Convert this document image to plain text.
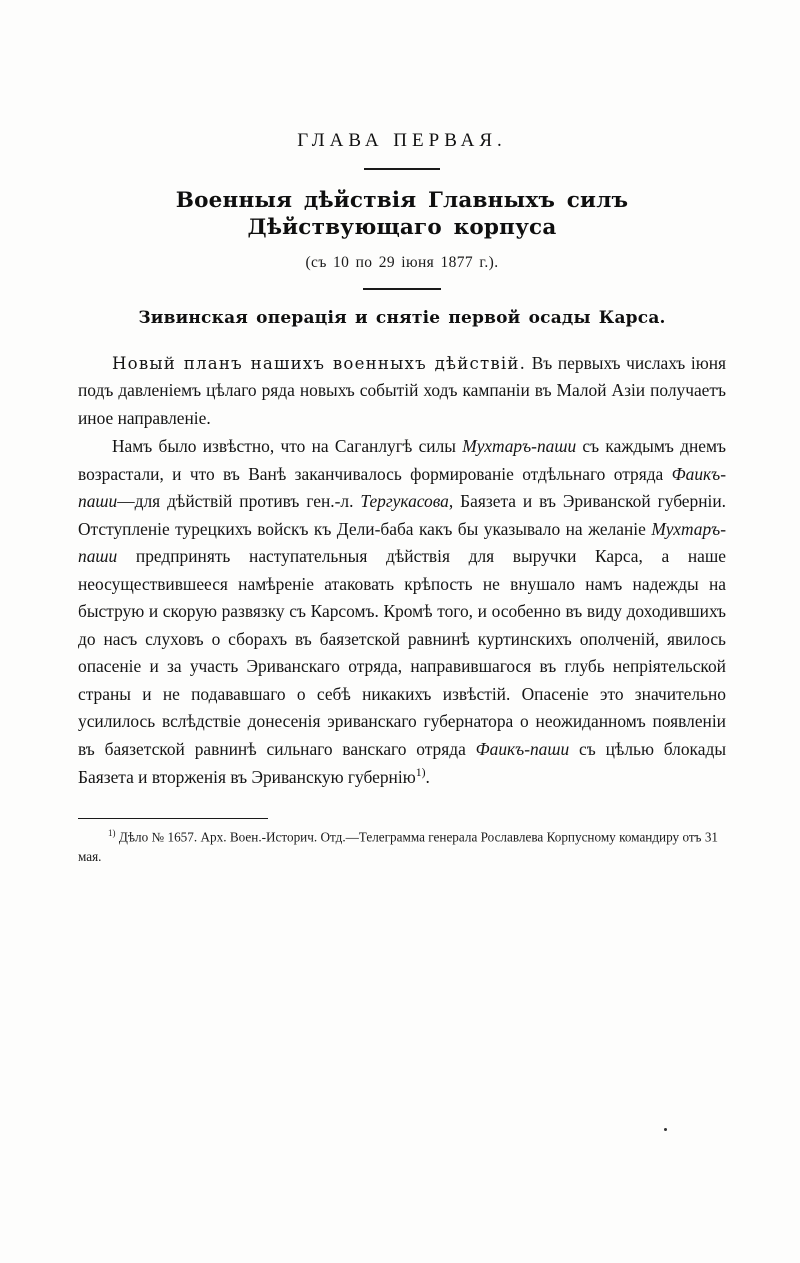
ГЛАВА ПЕРВАЯ.
Военныя дѣйствія Главныхъ силъ Дѣйствующаго корпуса
(съ 10 по 29 іюня 1877 г.).
Зивинская операція и снятіе первой осады Карса.

Новый планъ нашихъ военныхъ дѣйствій. Въ первыхъ числахъ іюня подъ давленіемъ цѣлаго ряда новыхъ событій ходъ кампаніи въ Малой Азіи получаетъ иное направленіе.

Намъ было извѣстно, что на Саганлугѣ силы Мухтаръ-паши съ каждымъ днемъ возрастали, и что въ Ванѣ заканчивалось формированіе отдѣльнаго отряда Фаикъ-паши—для дѣйствій противъ ген.-л. Тергукасова, Баязета и въ Эриванской губерніи. Отступленіе турецкихъ войскъ къ Дели-баба какъ бы указывало на желаніе Мухтаръ-паши предпринять наступательныя дѣйствія для выручки Карса, а наше неосуществившееся намѣреніе атаковать крѣпость не внушало намъ надежды на быструю и скорую развязку съ Карсомъ. Кромѣ того, и особенно въ виду доходившихъ до насъ слуховъ о сборахъ въ баязетской равнинѣ куртинскихъ ополченій, явилось опасеніе и за участь Эриванскаго отряда, направившагося въ глубь непріятельской страны и не подававшаго о себѣ никакихъ извѣстій. Опасеніе это значительно усилилось вслѣдствіе донесенія эриванскаго губернатора о неожиданномъ появленіи въ баязетской равнинѣ сильнаго ванскаго отряда Фаикъ-паши съ цѣлью блокады Баязета и вторженія въ Эриванскую губернію$^{1)}$.

$^{1)}$ Дѣло № 1657. Арх. Воен.-Историч. Отд.—Телеграмма генерала Рославлева Корпусному командиру отъ 31 мая.
